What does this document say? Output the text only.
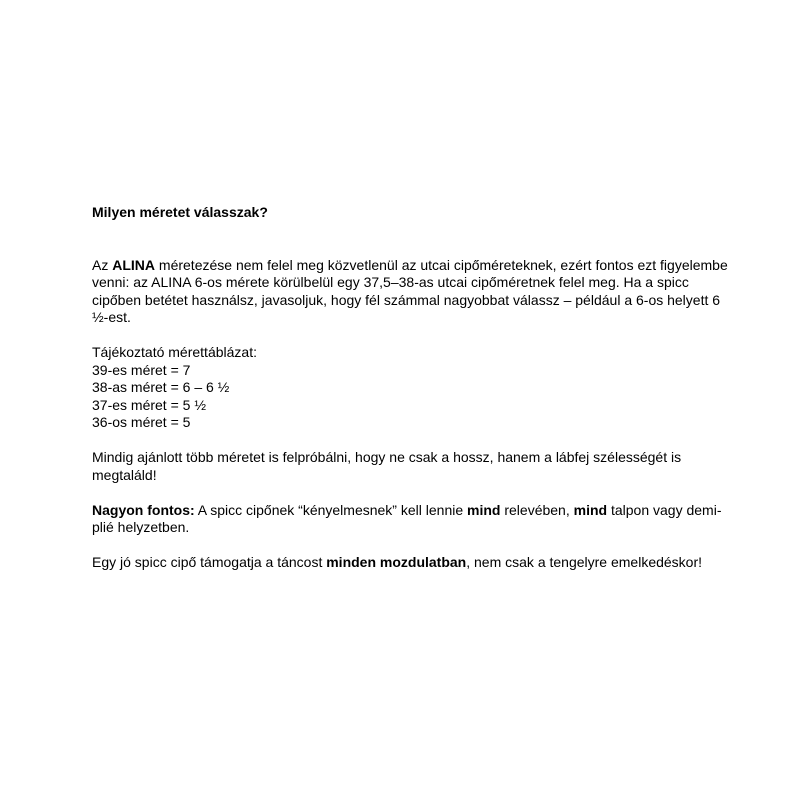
Milyen méretet válasszak?

Az ALINA méretezése nem felel meg közvetlenül az utcai cipőméreteknek, ezért fontos ezt figyelembe venni: az ALINA 6-os mérete körülbelül egy 37,5–38-as utcai cipőméretnek felel meg. Ha a spicc cipőben betétet használsz, javasoljuk, hogy fél számmal nagyobbat válassz – például a 6-os helyett 6 ½-est.

Tájékoztató mérettáblázat:
39-es méret = 7
38-as méret = 6 – 6 ½
37-es méret = 5 ½
36-os méret = 5

Mindig ajánlott több méretet is felpróbálni, hogy ne csak a hossz, hanem a lábfej szélességét is megtaláld!

Nagyon fontos: A spicc cipőnek “kényelmesnek” kell lennie mind relevében, mind talpon vagy demi-plié helyzetben.

Egy jó spicc cipő támogatja a táncost minden mozdulatban, nem csak a tengelyre emelkedéskor!
